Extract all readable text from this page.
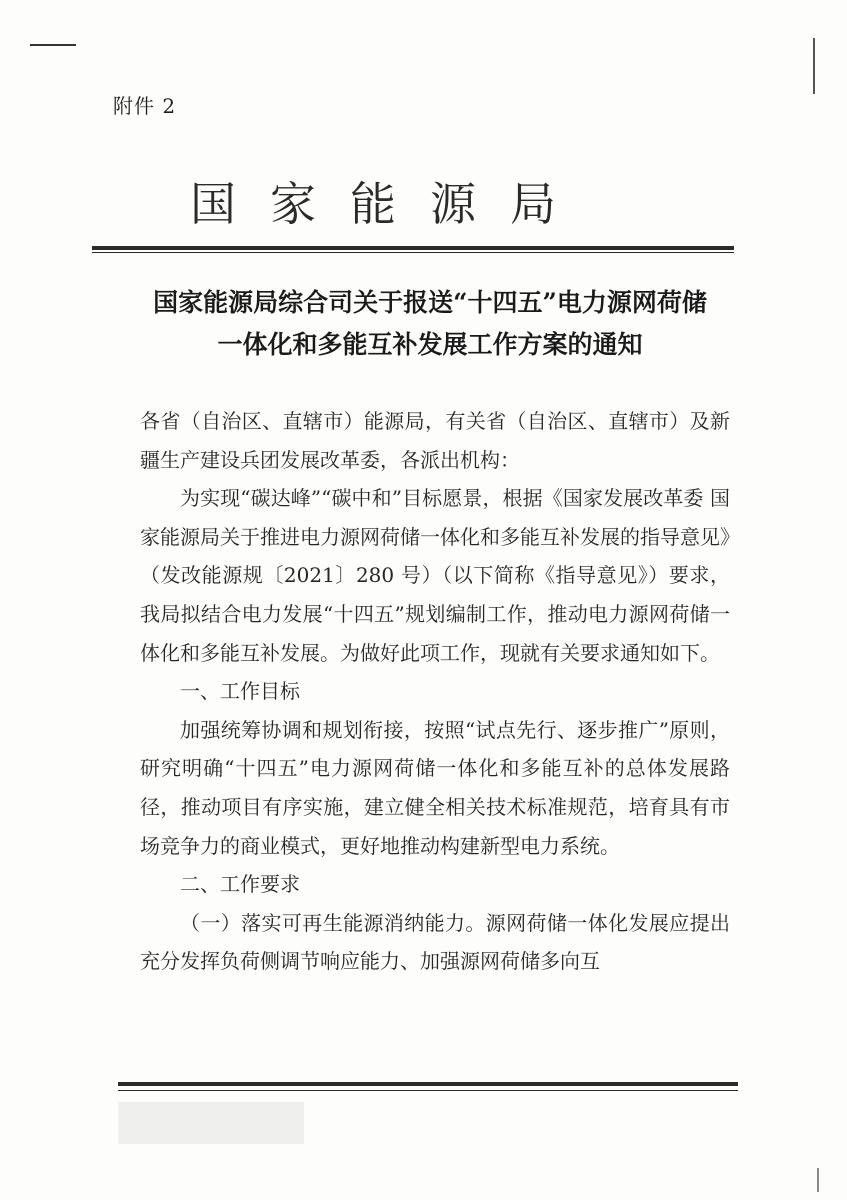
附件 2
国家能源局
国家能源局综合司关于报送“十四五”电力源网荷储
一体化和多能互补发展工作方案的通知

各省（自治区、直辖市）能源局，有关省（自治区、直辖市）及新疆生产建设兵团发展改革委，各派出机构：

为实现“碳达峰”“碳中和”目标愿景，根据《国家发展改革委 国家能源局关于推进电力源网荷储一体化和多能互补发展的指导意见》（发改能源规〔2021〕280 号）（以下简称《指导意见》）要求，我局拟结合电力发展“十四五”规划编制工作，推动电力源网荷储一体化和多能互补发展。为做好此项工作，现就有关要求通知如下。

一、工作目标

加强统筹协调和规划衔接，按照“试点先行、逐步推广”原则，研究明确“十四五”电力源网荷储一体化和多能互补的总体发展路径，推动项目有序实施，建立健全相关技术标准规范，培育具有市场竞争力的商业模式，更好地推动构建新型电力系统。

二、工作要求

（一）落实可再生能源消纳能力。源网荷储一体化发展应提出充分发挥负荷侧调节响应能力、加强源网荷储多向互
